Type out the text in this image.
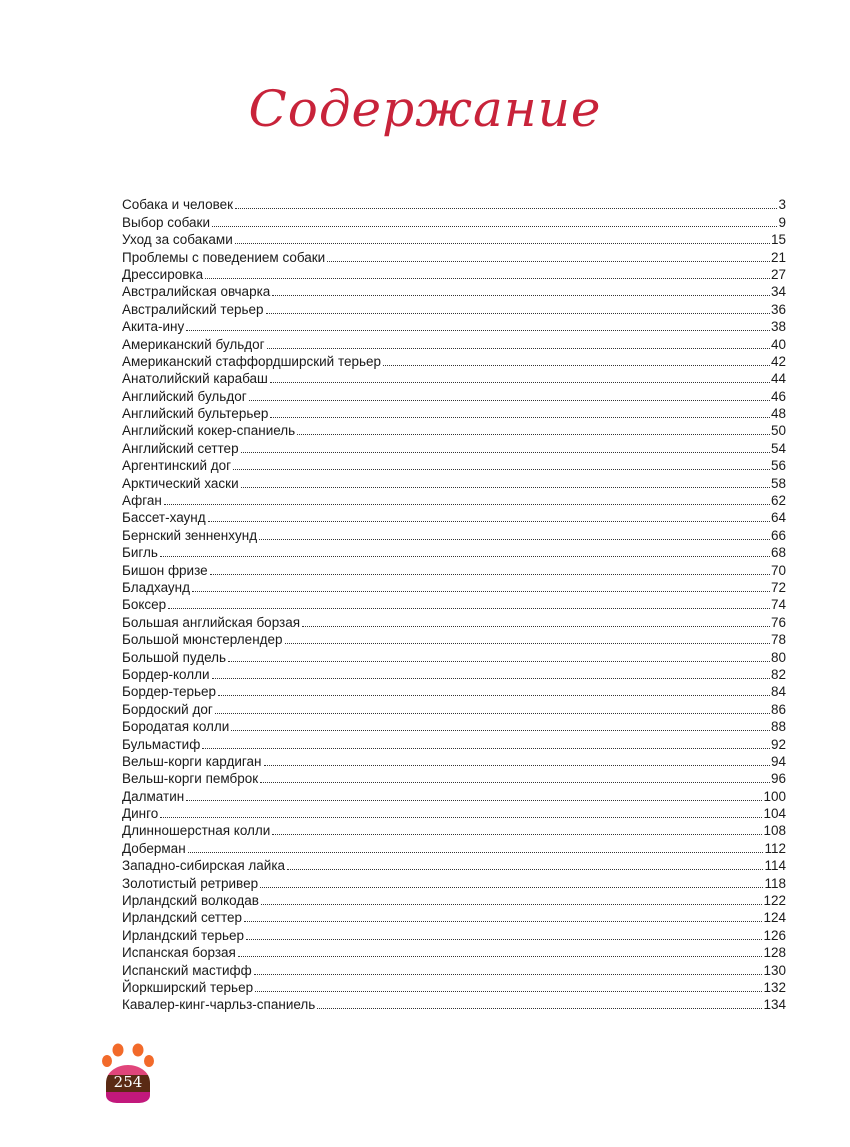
Содержание
Собака и человек	3
Выбор собаки	9
Уход за собаками	15
Проблемы с поведением собаки	21
Дрессировка	27
Австралийская овчарка	34
Австралийский терьер	36
Акита-ину	38
Американский бульдог	40
Американский стаффордширский терьер	42
Анатолийский карабаш	44
Английский бульдог	46
Английский бультерьер	48
Английский кокер-спаниель	50
Английский сеттер	54
Аргентинский дог	56
Арктический хаски	58
Афган	62
Бассет-хаунд	64
Бернский зенненхунд	66
Бигль	68
Бишон фризе	70
Бладхаунд	72
Боксер	74
Большая английская борзая	76
Большой мюнстерлендер	78
Большой пудель	80
Бордер-колли	82
Бордер-терьер	84
Бордоский дог	86
Бородатая колли	88
Бульмастиф	92
Вельш-корги кардиган	94
Вельш-корги пемброк	96
Далматин	100
Динго	104
Длинношерстная колли	108
Доберман	112
Западно-сибирская лайка	114
Золотистый ретривер	118
Ирландский волкодав	122
Ирландский сеттер	124
Ирландский терьер	126
Испанская борзая	128
Испанский мастифф	130
Йоркширский терьер	132
Кавалер-кинг-чарльз-спаниель	134
254
